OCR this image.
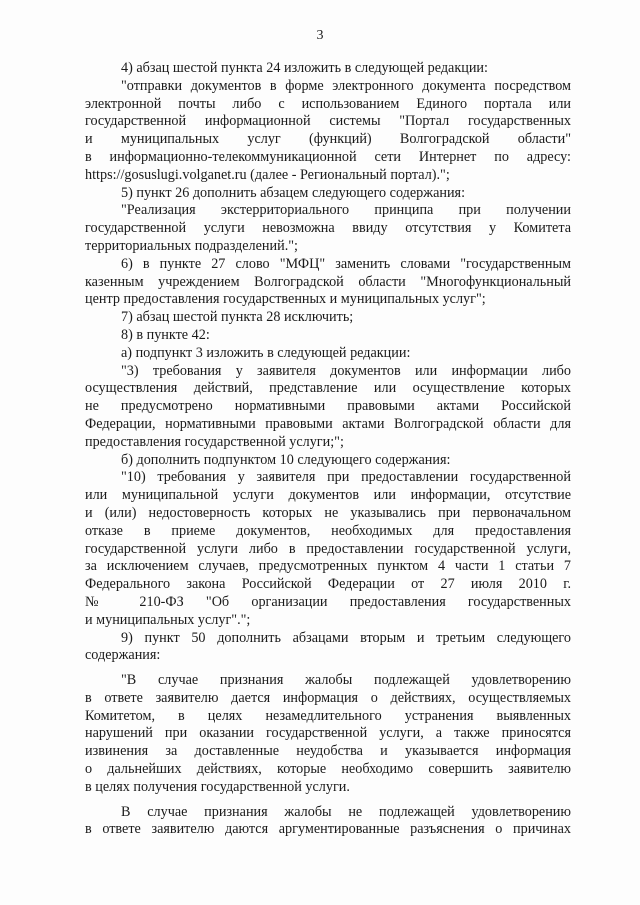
3
4) абзац шестой пункта 24 изложить в следующей редакции:
"отправки документов в форме электронного документа посредством
электронной почты либо с использованием Единого портала или
государственной информационной системы "Портал государственных
и муниципальных услуг (функций) Волгоградской области"
в информационно-телекоммуникационной сети Интернет по адресу:
https://gosuslugi.volganet.ru (далее - Региональный портал).";
5) пункт 26 дополнить абзацем следующего содержания:
"Реализация экстерриториального принципа при получении
государственной услуги невозможна ввиду отсутствия у Комитета
территориальных подразделений.";
6) в пункте 27 слово "МФЦ" заменить словами "государственным
казенным учреждением Волгоградской области "Многофункциональный
центр предоставления государственных и муниципальных услуг";
7) абзац шестой пункта 28 исключить;
8) в пункте 42:
а) подпункт 3 изложить в следующей редакции:
"3) требования у заявителя документов или информации либо
осуществления действий, представление или осуществление которых
не предусмотрено нормативными правовыми актами Российской
Федерации, нормативными правовыми актами Волгоградской области для
предоставления государственной услуги;";
б) дополнить подпунктом 10 следующего содержания:
"10) требования у заявителя при предоставлении государственной
или муниципальной услуги документов или информации, отсутствие
и (или) недостоверность которых не указывались при первоначальном
отказе в приеме документов, необходимых для предоставления
государственной услуги либо в предоставлении государственной услуги,
за исключением случаев, предусмотренных пунктом 4 части 1 статьи 7
Федерального закона Российской Федерации от 27 июля 2010 г.
№ 210-ФЗ "Об организации предоставления государственных
и муниципальных услуг".";
9) пункт 50 дополнить абзацами вторым и третьим следующего
содержания:
"В случае признания жалобы подлежащей удовлетворению
в ответе заявителю дается информация о действиях, осуществляемых
Комитетом, в целях незамедлительного устранения выявленных
нарушений при оказании государственной услуги, а также приносятся
извинения за доставленные неудобства и указывается информация
о дальнейших действиях, которые необходимо совершить заявителю
в целях получения государственной услуги.
В случае признания жалобы не подлежащей удовлетворению
в ответе заявителю даются аргументированные разъяснения о причинах
